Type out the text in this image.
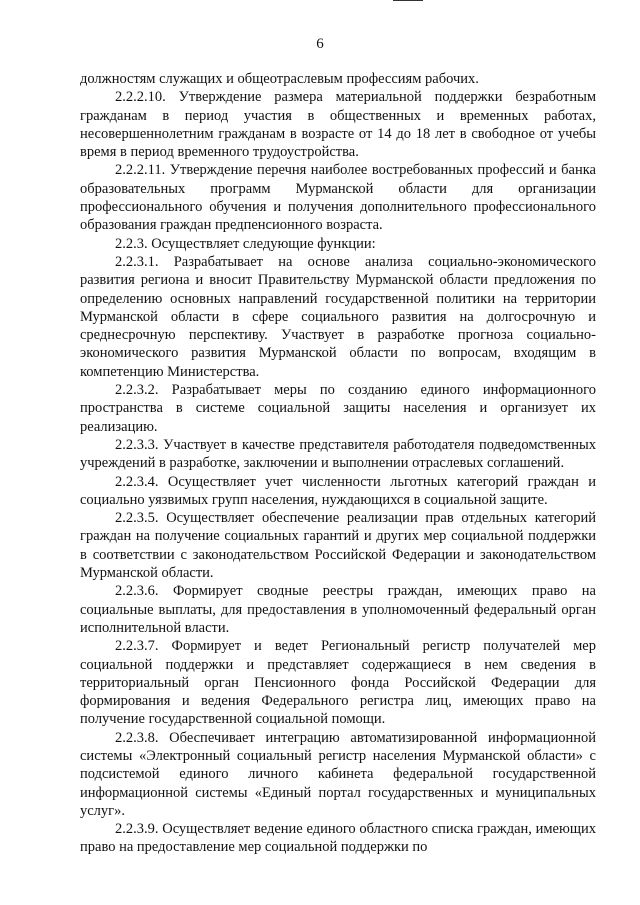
6

должностям служащих и общеотраслевым профессиям рабочих.

2.2.2.10. Утверждение размера материальной поддержки безработным гражданам в период участия в общественных и временных работах, несовершеннолетним гражданам в возрасте от 14 до 18 лет в свободное от учебы время в период временного трудоустройства.

2.2.2.11. Утверждение перечня наиболее востребованных профессий и банка образовательных программ Мурманской области для организации профессионального обучения и получения дополнительного профессионального образования граждан предпенсионного возраста.

2.2.3. Осуществляет следующие функции:

2.2.3.1. Разрабатывает на основе анализа социально-экономического развития региона и вносит Правительству Мурманской области предложения по определению основных направлений государственной политики на территории Мурманской области в сфере социального развития на долгосрочную и среднесрочную перспективу. Участвует в разработке прогноза социально-экономического развития Мурманской области по вопросам, входящим в компетенцию Министерства.

2.2.3.2. Разрабатывает меры по созданию единого информационного пространства в системе социальной защиты населения и организует их реализацию.

2.2.3.3. Участвует в качестве представителя работодателя подведомственных учреждений в разработке, заключении и выполнении отраслевых соглашений.

2.2.3.4. Осуществляет учет численности льготных категорий граждан и социально уязвимых групп населения, нуждающихся в социальной защите.

2.2.3.5. Осуществляет обеспечение реализации прав отдельных категорий граждан на получение социальных гарантий и других мер социальной поддержки в соответствии с законодательством Российской Федерации и законодательством Мурманской области.

2.2.3.6. Формирует сводные реестры граждан, имеющих право на социальные выплаты, для предоставления в уполномоченный федеральный орган исполнительной власти.

2.2.3.7. Формирует и ведет Региональный регистр получателей мер социальной поддержки и представляет содержащиеся в нем сведения в территориальный орган Пенсионного фонда Российской Федерации для формирования и ведения Федерального регистра лиц, имеющих право на получение государственной социальной помощи.

2.2.3.8. Обеспечивает интеграцию автоматизированной информационной системы «Электронный социальный регистр населения Мурманской области» с подсистемой единого личного кабинета федеральной государственной информационной системы «Единый портал государственных и муниципальных услуг».

2.2.3.9. Осуществляет ведение единого областного списка граждан, имеющих право на предоставление мер социальной поддержки по
